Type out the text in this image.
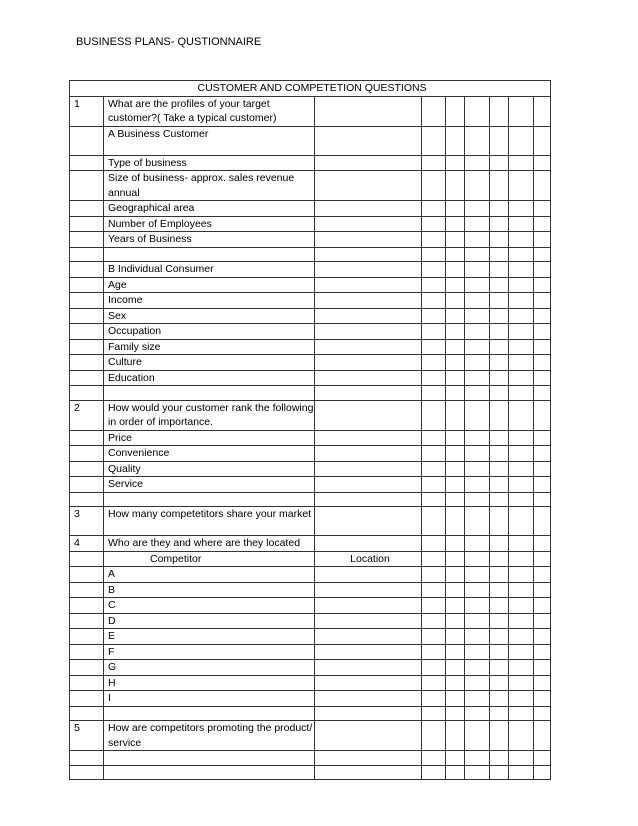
BUSINESS PLANS- QUSTIONNAIRE
CUSTOMER AND COMPETETION QUESTIONS								
1	What are the profiles of your target customer?( Take a typical customer)							
	A Business Customer							
	Type of business							
	Size of business- approx. sales revenue annual							
	Geographical area							
	Number of Employees							
	Years of Business							

	B Individual Consumer							
	Age							
	Income							
	Sex							
	Occupation							
	Family size							
	Culture							
	Education							

2	How would your customer rank the following in order of importance.							
	Price							
	Convenience							
	Quality							
	Service							

3	How many competetitors share your market							
4	Who are they and where are they located							
	Competitor	Location						
	A							
	B							
	C							
	D							
	E							
	F							
	G							
	H							
	I							

5	How are competitors promoting the product/ service							
